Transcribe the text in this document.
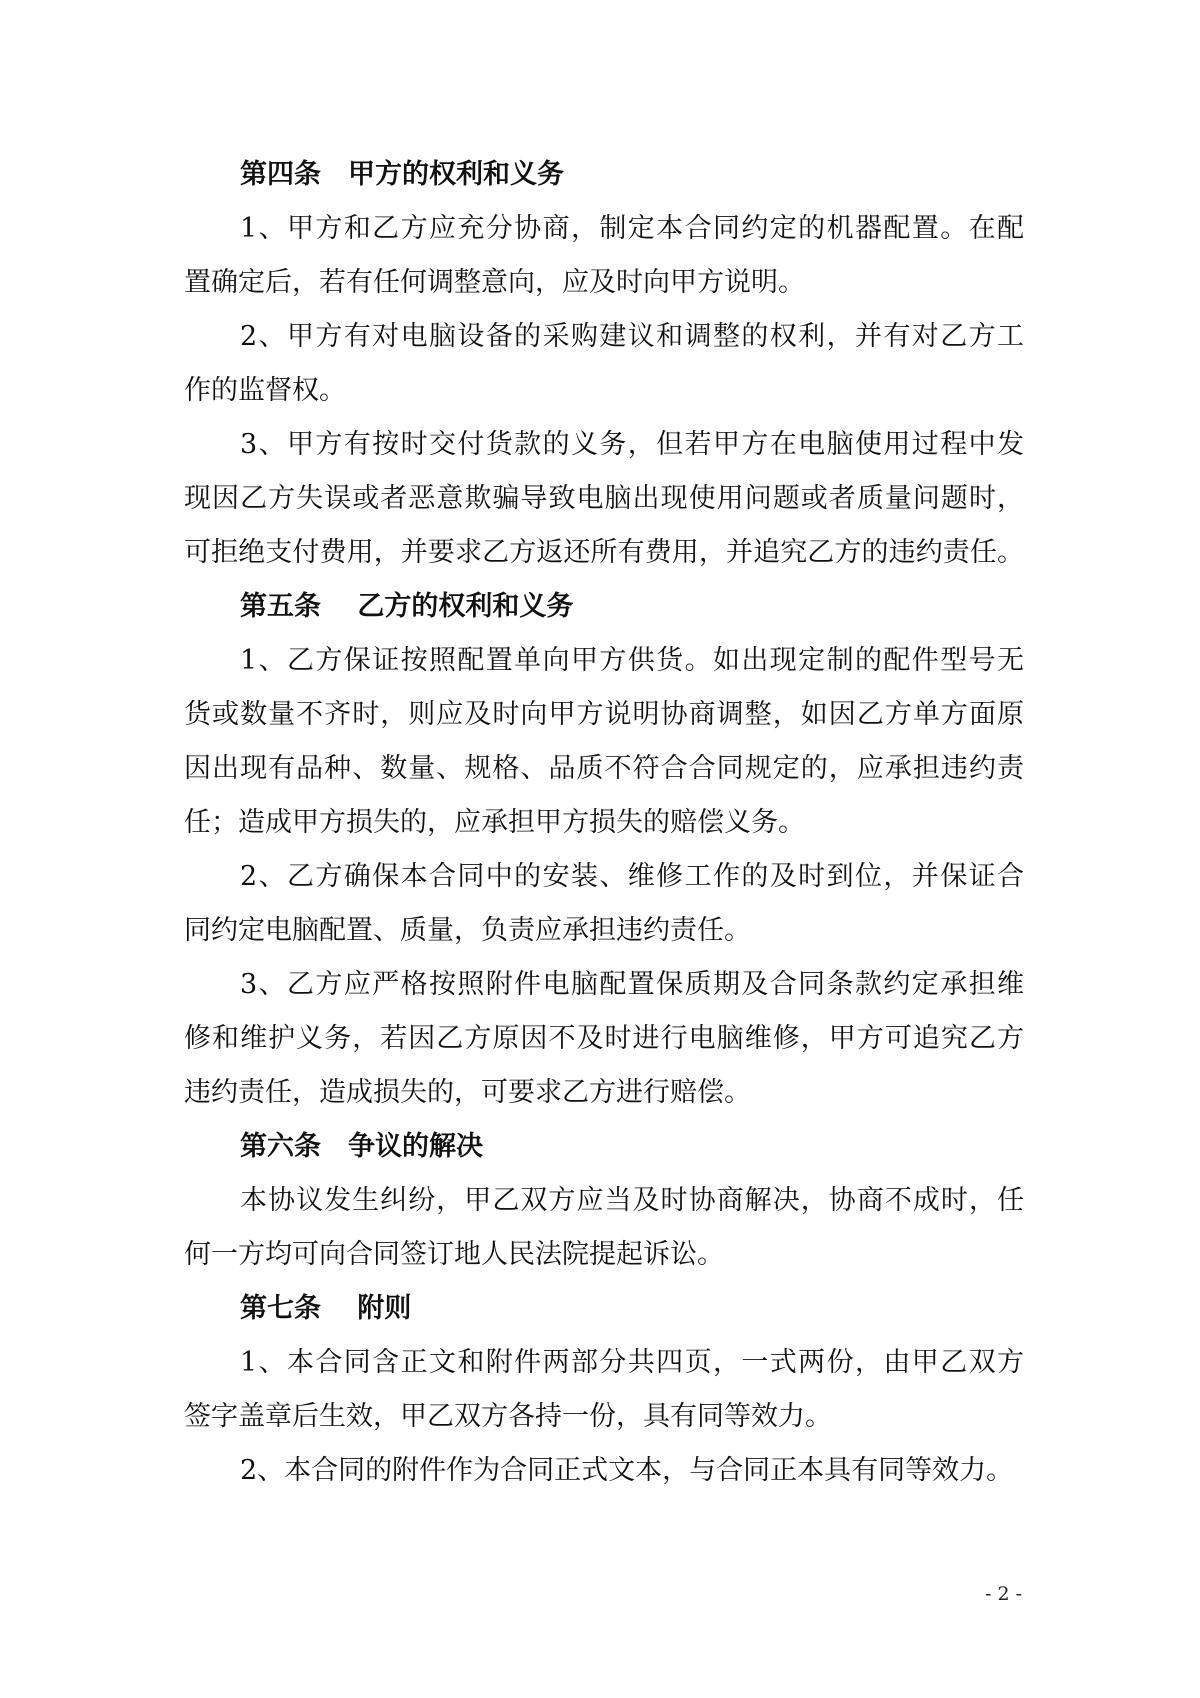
第四条　甲方的权利和义务
1、甲方和乙方应充分协商，制定本合同约定的机器配置。在配
置确定后，若有任何调整意向，应及时向甲方说明。
2、甲方有对电脑设备的采购建议和调整的权利，并有对乙方工
作的监督权。
3、甲方有按时交付货款的义务，但若甲方在电脑使用过程中发
现因乙方失误或者恶意欺骗导致电脑出现使用问题或者质量问题时，
可拒绝支付费用，并要求乙方返还所有费用，并追究乙方的违约责任。
第五条　 乙方的权利和义务
1、乙方保证按照配置单向甲方供货。如出现定制的配件型号无
货或数量不齐时，则应及时向甲方说明协商调整，如因乙方单方面原
因出现有品种、数量、规格、品质不符合合同规定的，应承担违约责
任；造成甲方损失的，应承担甲方损失的赔偿义务。
2、乙方确保本合同中的安装、维修工作的及时到位，并保证合
同约定电脑配置、质量，负责应承担违约责任。
3、乙方应严格按照附件电脑配置保质期及合同条款约定承担维
修和维护义务，若因乙方原因不及时进行电脑维修，甲方可追究乙方
违约责任，造成损失的，可要求乙方进行赔偿。
第六条　争议的解决
本协议发生纠纷，甲乙双方应当及时协商解决，协商不成时，任
何一方均可向合同签订地人民法院提起诉讼。
第七条　 附则
1、本合同含正文和附件两部分共四页，一式两份，由甲乙双方
签字盖章后生效，甲乙双方各持一份，具有同等效力。
2、本合同的附件作为合同正式文本，与合同正本具有同等效力。
- 2 -
